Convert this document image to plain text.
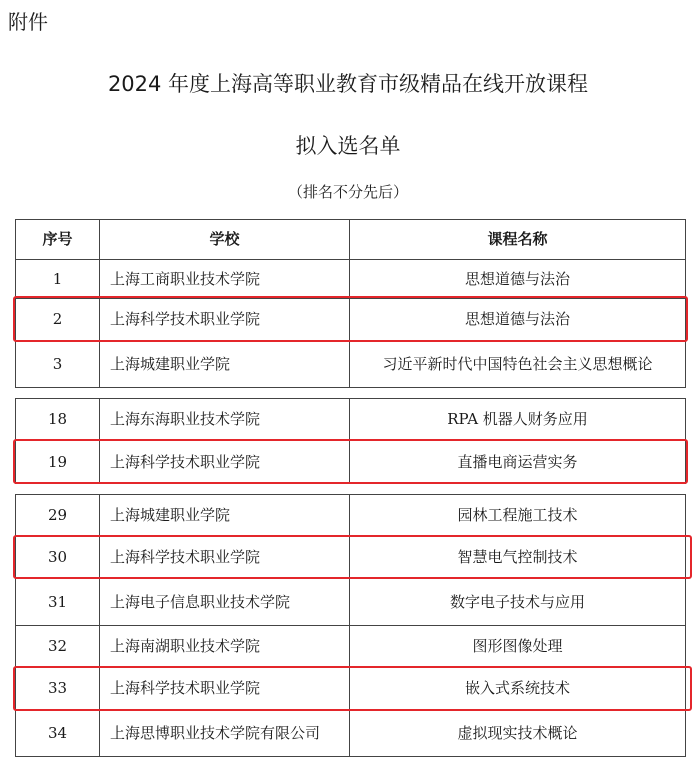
附件
2024 年度上海高等职业教育市级精品在线开放课程
拟入选名单
（排名不分先后）
序号	学校	课程名称
1	上海工商职业技术学院	思想道德与法治
2	上海科学技术职业学院	思想道德与法治
3	上海城建职业学院	习近平新时代中国特色社会主义思想概论
18	上海东海职业技术学院	RPA 机器人财务应用
19	上海科学技术职业学院	直播电商运营实务
29	上海城建职业学院	园林工程施工技术
30	上海科学技术职业学院	智慧电气控制技术
31	上海电子信息职业技术学院	数字电子技术与应用
32	上海南湖职业技术学院	图形图像处理
33	上海科学技术职业学院	嵌入式系统技术
34	上海思博职业技术学院有限公司	虚拟现实技术概论
